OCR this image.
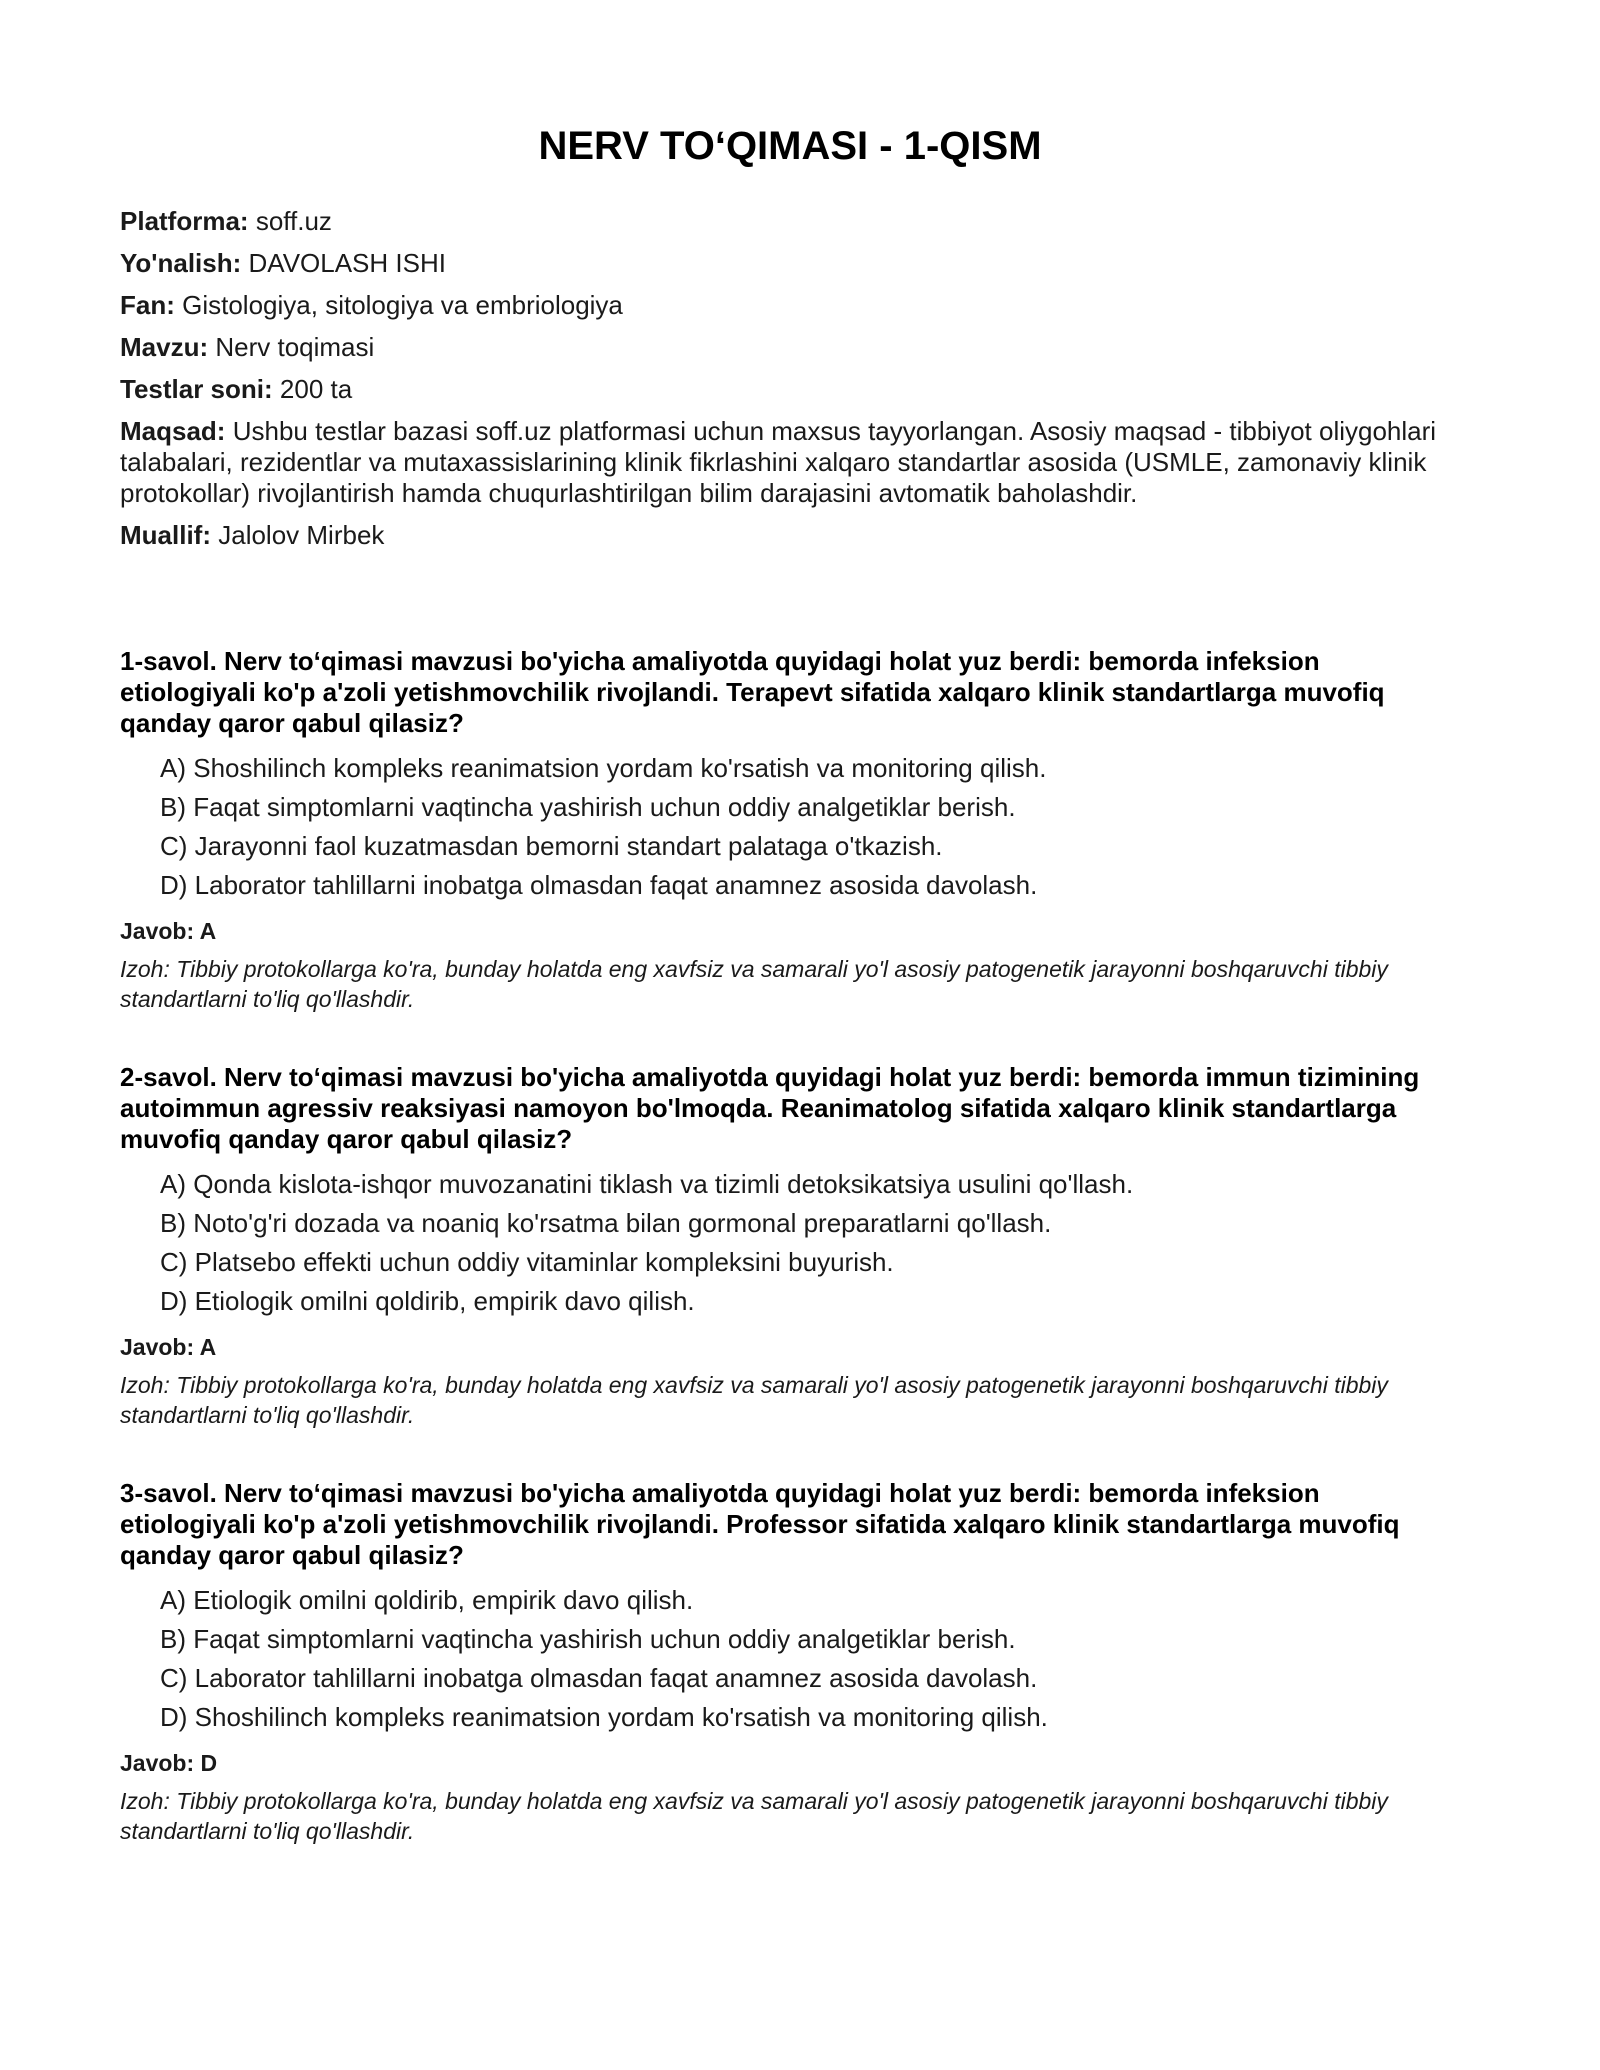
NERV TO‘QIMASI - 1-QISM

Platforma: soff.uz

Yo'nalish: DAVOLASH ISHI

Fan: Gistologiya, sitologiya va embriologiya

Mavzu: Nerv toqimasi

Testlar soni: 200 ta

Maqsad: Ushbu testlar bazasi soff.uz platformasi uchun maxsus tayyorlangan. Asosiy maqsad - tibbiyot oliygohlari talabalari, rezidentlar va mutaxassislarining klinik fikrlashini xalqaro standartlar asosida (USMLE, zamonaviy klinik protokollar) rivojlantirish hamda chuqurlashtirilgan bilim darajasini avtomatik baholashdir.

Muallif: Jalolov Mirbek

1-savol. Nerv to‘qimasi mavzusi bo'yicha amaliyotda quyidagi holat yuz berdi: bemorda infeksion etiologiyali ko'p a'zoli yetishmovchilik rivojlandi. Terapevt sifatida xalqaro klinik standartlarga muvofiq qanday qaror qabul qilasiz?

A) Shoshilinch kompleks reanimatsion yordam ko'rsatish va monitoring qilish.
B) Faqat simptomlarni vaqtincha yashirish uchun oddiy analgetiklar berish.
C) Jarayonni faol kuzatmasdan bemorni standart palataga o'tkazish.
D) Laborator tahlillarni inobatga olmasdan faqat anamnez asosida davolash.
Javob: A
Izoh: Tibbiy protokollarga ko'ra, bunday holatda eng xavfsiz va samarali yo'l asosiy patogenetik jarayonni boshqaruvchi tibbiy standartlarni to'liq qo'llashdir.

2-savol. Nerv to‘qimasi mavzusi bo'yicha amaliyotda quyidagi holat yuz berdi: bemorda immun tizimining autoimmun agressiv reaksiyasi namoyon bo'lmoqda. Reanimatolog sifatida xalqaro klinik standartlarga muvofiq qanday qaror qabul qilasiz?

A) Qonda kislota-ishqor muvozanatini tiklash va tizimli detoksikatsiya usulini qo'llash.
B) Noto'g'ri dozada va noaniq ko'rsatma bilan gormonal preparatlarni qo'llash.
C) Platsebo effekti uchun oddiy vitaminlar kompleksini buyurish.
D) Etiologik omilni qoldirib, empirik davo qilish.
Javob: A
Izoh: Tibbiy protokollarga ko'ra, bunday holatda eng xavfsiz va samarali yo'l asosiy patogenetik jarayonni boshqaruvchi tibbiy standartlarni to'liq qo'llashdir.

3-savol. Nerv to‘qimasi mavzusi bo'yicha amaliyotda quyidagi holat yuz berdi: bemorda infeksion etiologiyali ko'p a'zoli yetishmovchilik rivojlandi. Professor sifatida xalqaro klinik standartlarga muvofiq qanday qaror qabul qilasiz?

A) Etiologik omilni qoldirib, empirik davo qilish.
B) Faqat simptomlarni vaqtincha yashirish uchun oddiy analgetiklar berish.
C) Laborator tahlillarni inobatga olmasdan faqat anamnez asosida davolash.
D) Shoshilinch kompleks reanimatsion yordam ko'rsatish va monitoring qilish.
Javob: D
Izoh: Tibbiy protokollarga ko'ra, bunday holatda eng xavfsiz va samarali yo'l asosiy patogenetik jarayonni boshqaruvchi tibbiy standartlarni to'liq qo'llashdir.
